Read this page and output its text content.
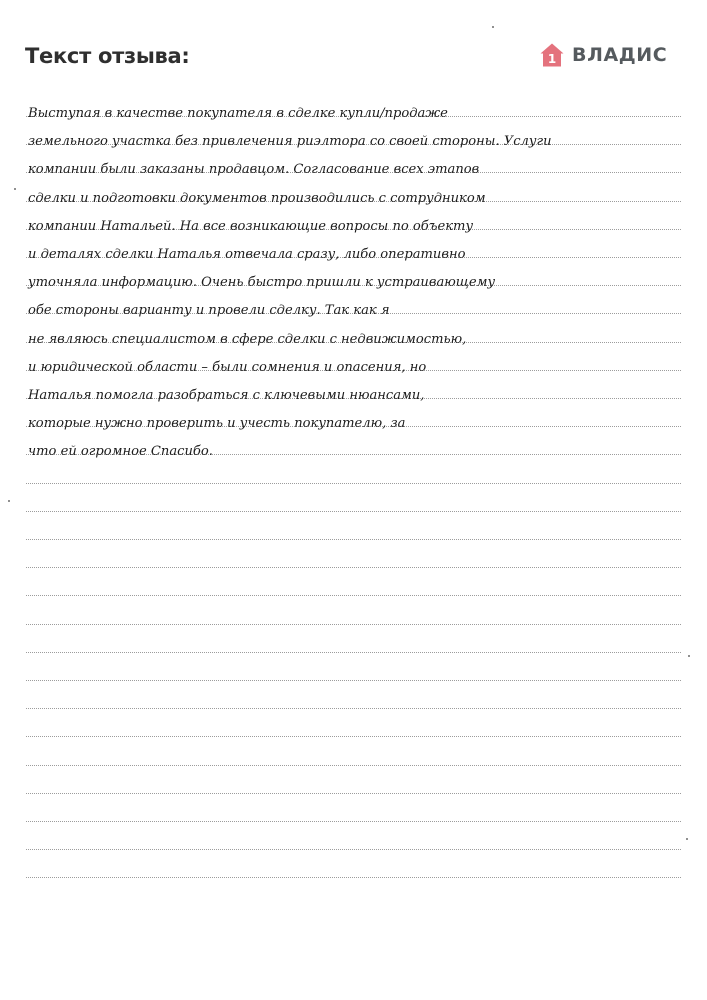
Текст отзыва:	1 ВЛАДИС
Выступая в качестве покупателя в сделке купли/продаже
земельного участка без привлечения риэлтора со своей стороны. Услуги
компании были заказаны продавцом. Согласование всех этапов
сделки и подготовки документов производились с сотрудником
компании Натальей. На все возникающие вопросы по объекту
и деталях сделки Наталья отвечала сразу, либо оперативно
уточняла информацию. Очень быстро пришли к устраивающему
обе стороны варианту и провели сделку. Так как я
не являюсь специалистом в сфере сделки с недвижимостью,
и юридической области – были сомнения и опасения, но
Наталья помогла разобраться с ключевыми нюансами,
которые нужно проверить и учесть покупателю, за
что ей огромное Спасибо.
